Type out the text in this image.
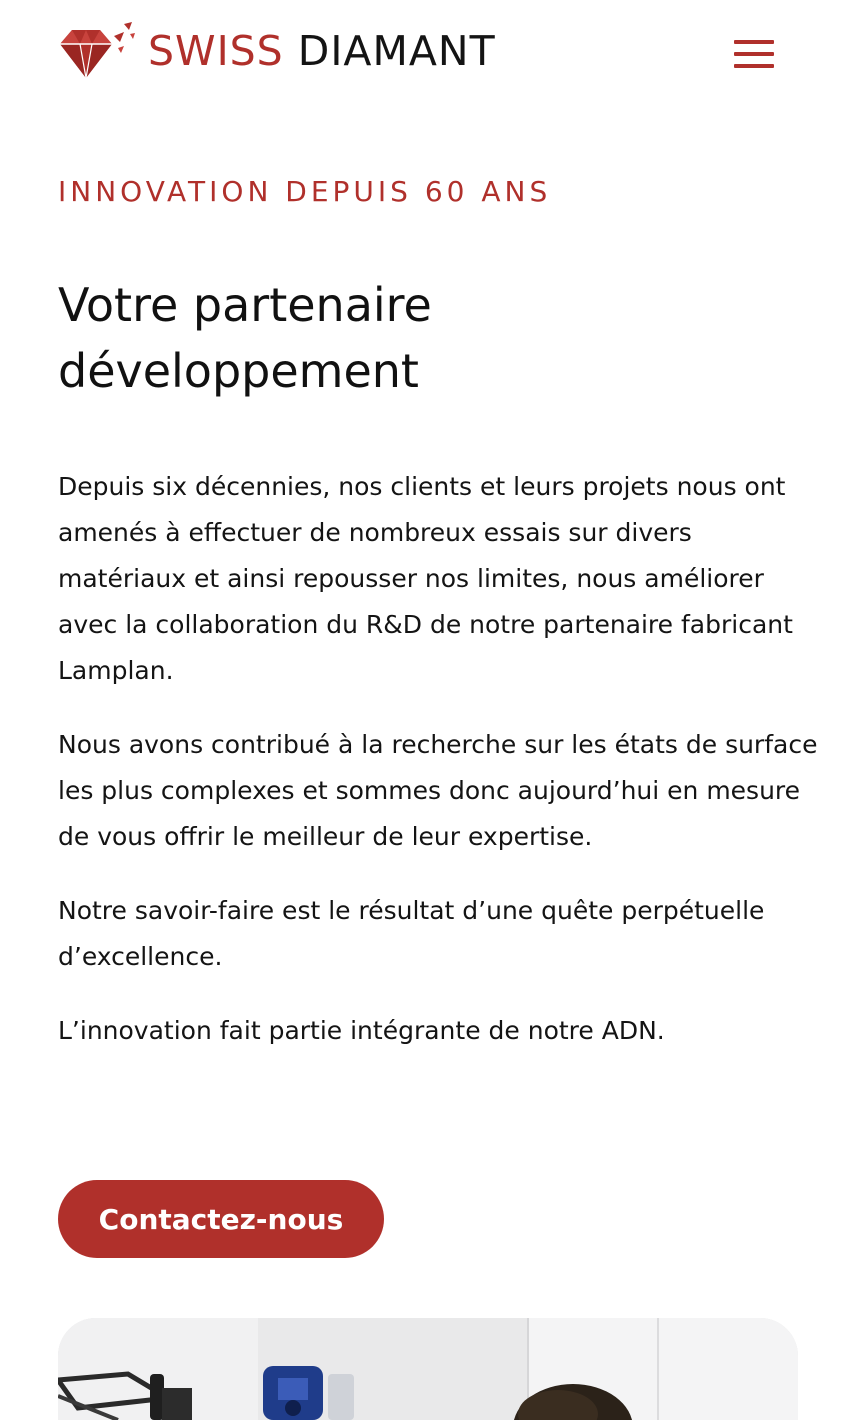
SWISS DIAMANT
INNOVATION DEPUIS 60 ANS
Votre partenaire développement

Depuis six décennies, nos clients et leurs projets nous ont amenés à effectuer de nombreux essais sur divers matériaux et ainsi repousser nos limites, nous améliorer avec la collaboration du R&D de notre partenaire fabricant Lamplan.

Nous avons contribué à la recherche sur les états de surface les plus complexes et sommes donc aujourd’hui en mesure de vous offrir le meilleur de leur expertise.

Notre savoir-faire est le résultat d’une quête perpétuelle d’excellence.

L’innovation fait partie intégrante de notre ADN.

Contactez-nous
